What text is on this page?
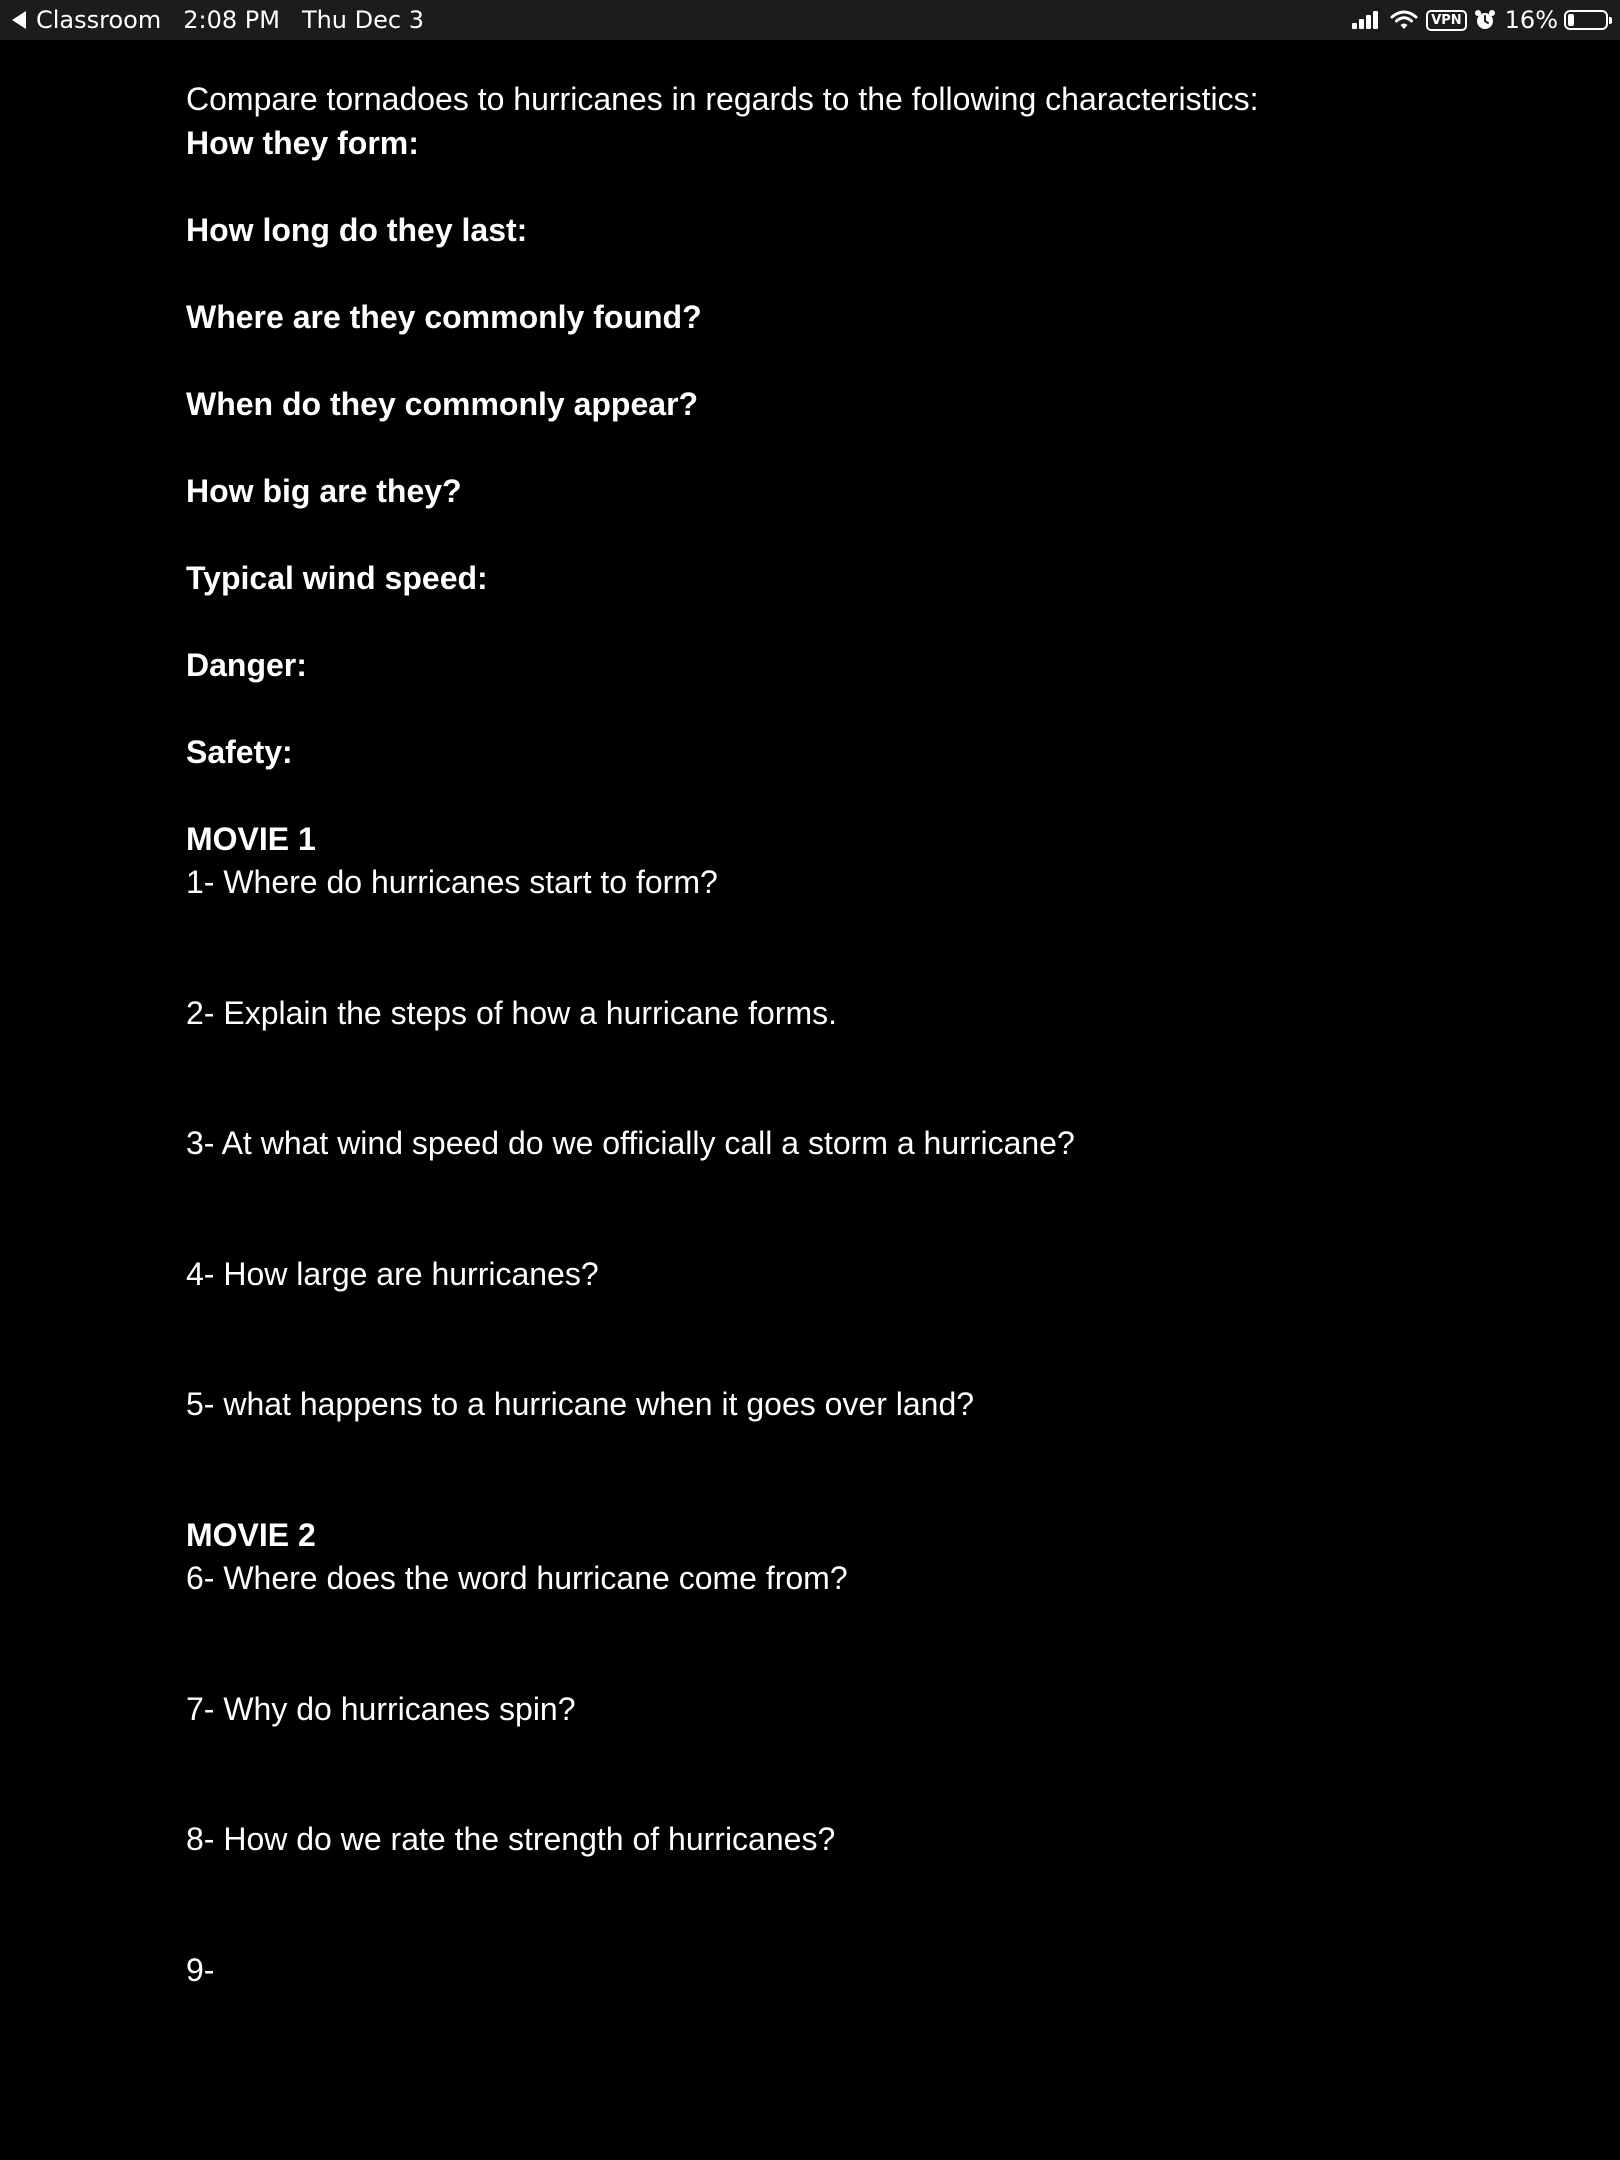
Classroom 2:08 PM Thu Dec 3	VPN 16%

Compare tornadoes to hurricanes in regards to the following characteristics:

How they form:

How long do they last:

Where are they commonly found?

When do they commonly appear?

How big are they?

Typical wind speed:

Danger:

Safety:

MOVIE 1

1- Where do hurricanes start to form?

2- Explain the steps of how a hurricane forms.

3- At what wind speed do we officially call a storm a hurricane?

4- How large are hurricanes?

5- what happens to a hurricane when it goes over land?

MOVIE 2

6- Where does the word hurricane come from?

7- Why do hurricanes spin?

8- How do we rate the strength of hurricanes?

9-
